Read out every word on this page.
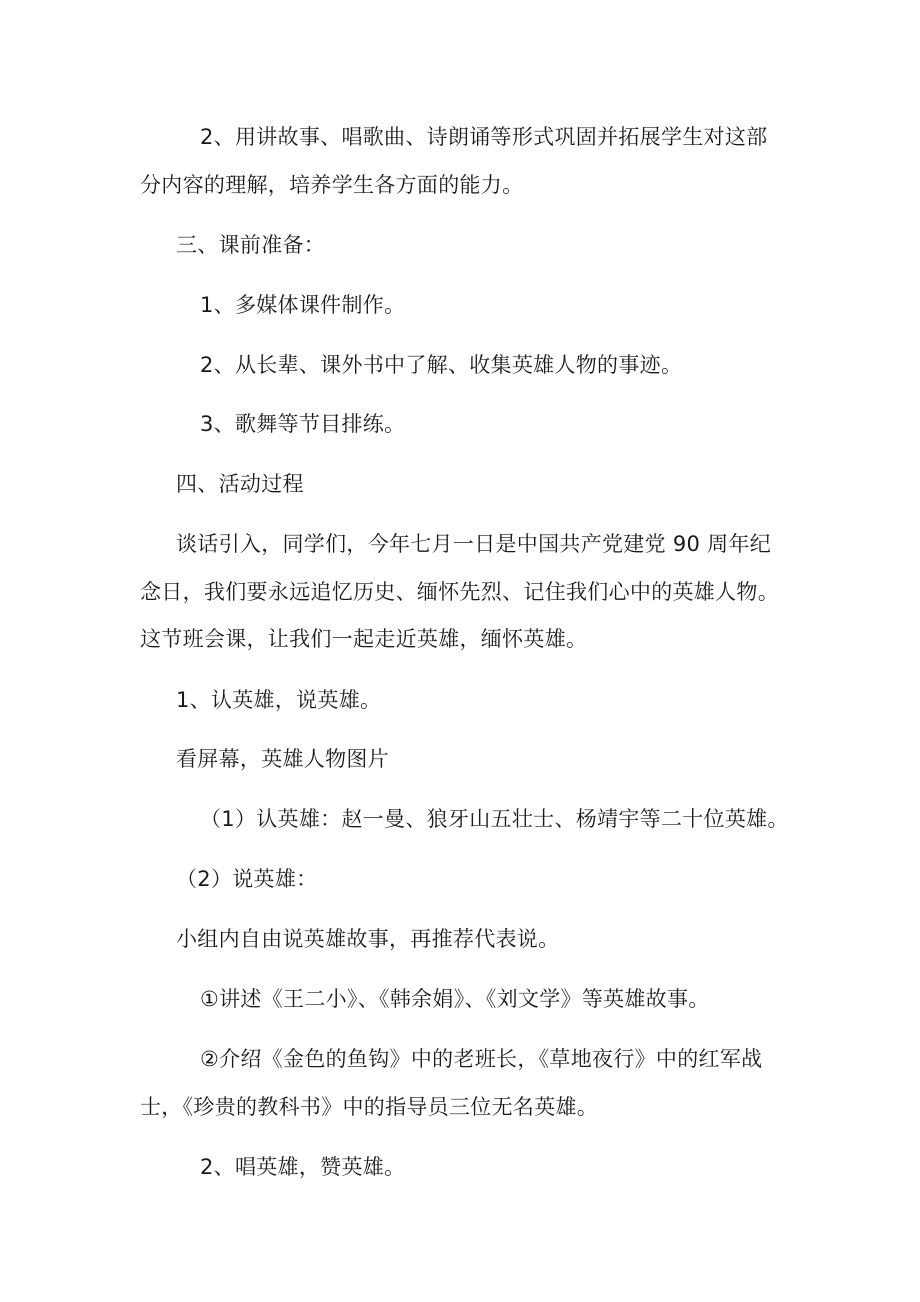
2、用讲故事、唱歌曲、诗朗诵等形式巩固并拓展学生对这部
分内容的理解，培养学生各方面的能力。
三、课前准备：
1、多媒体课件制作。
2、从长辈、课外书中了解、收集英雄人物的事迹。
3、歌舞等节目排练。
四、活动过程
谈话引入，同学们，今年七月一日是中国共产党建党 90 周年纪
念日，我们要永远追忆历史、缅怀先烈、记住我们心中的英雄人物。
这节班会课，让我们一起走近英雄，缅怀英雄。
1、认英雄，说英雄。
看屏幕，英雄人物图片
（1）认英雄：赵一曼、狼牙山五壮士、杨靖宇等二十位英雄。
（2）说英雄：
小组内自由说英雄故事，再推荐代表说。
①讲述《王二小》、《韩余娟》、《刘文学》等英雄故事。
②介绍《金色的鱼钩》中的老班长，《草地夜行》中的红军战
士，《珍贵的教科书》中的指导员三位无名英雄。
2、唱英雄，赞英雄。
